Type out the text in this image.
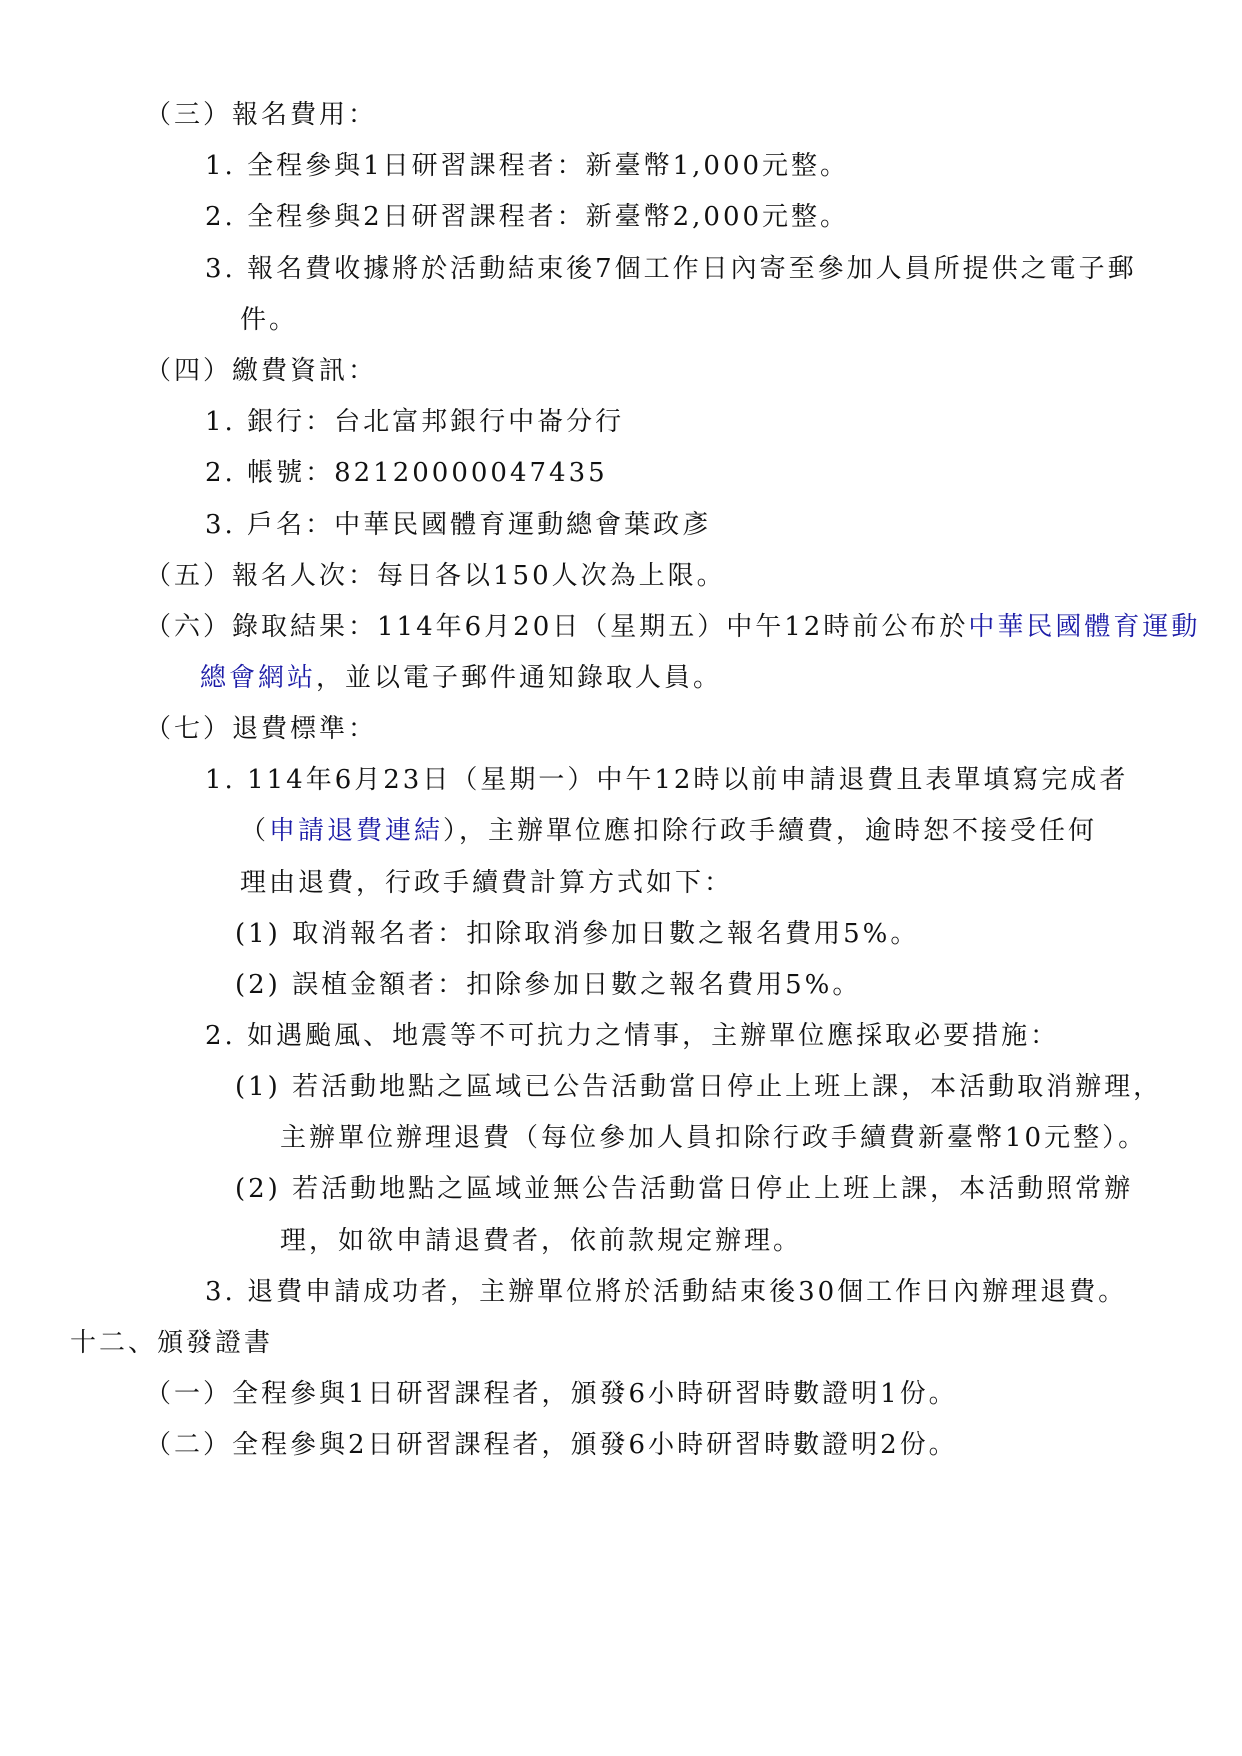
（三）報名費用：
1. 全程參與1日研習課程者：新臺幣1,000元整。
2. 全程參與2日研習課程者：新臺幣2,000元整。
3. 報名費收據將於活動結束後7個工作日內寄至參加人員所提供之電子郵
件。
（四）繳費資訊：
1. 銀行：台北富邦銀行中崙分行
2. 帳號：82120000047435
3. 戶名：中華民國體育運動總會葉政彥
（五）報名人次：每日各以150人次為上限。
（六）錄取結果：114年6月20日（星期五）中午12時前公布於中華民國體育運動
總會網站，並以電子郵件通知錄取人員。
（七）退費標準：
1. 114年6月23日（星期一）中午12時以前申請退費且表單填寫完成者
（申請退費連結），主辦單位應扣除行政手續費，逾時恕不接受任何
理由退費，行政手續費計算方式如下：
(1) 取消報名者：扣除取消參加日數之報名費用5%。
(2) 誤植金額者：扣除參加日數之報名費用5%。
2. 如遇颱風、地震等不可抗力之情事，主辦單位應採取必要措施：
(1) 若活動地點之區域已公告活動當日停止上班上課，本活動取消辦理，
主辦單位辦理退費（每位參加人員扣除行政手續費新臺幣10元整）。
(2) 若活動地點之區域並無公告活動當日停止上班上課，本活動照常辦
理，如欲申請退費者，依前款規定辦理。
3. 退費申請成功者，主辦單位將於活動結束後30個工作日內辦理退費。
十二、頒發證書
（一）全程參與1日研習課程者，頒發6小時研習時數證明1份。
（二）全程參與2日研習課程者，頒發6小時研習時數證明2份。
